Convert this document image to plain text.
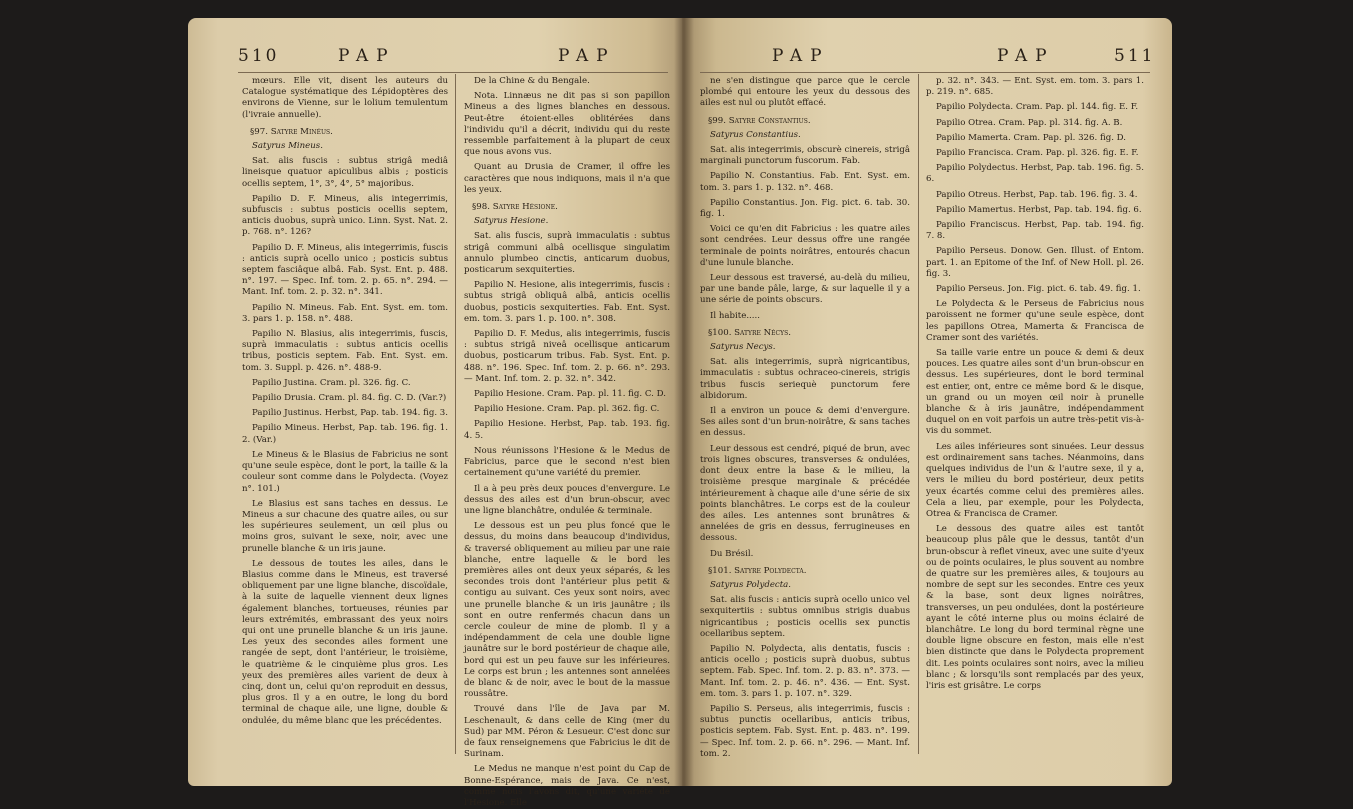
510	PAP	PAP

mœurs. Elle vit, disent les auteurs du Catalogue systématique des Lépidoptères des environs de Vienne, sur le lolium temulentum (l'ivraie annuelle).

§97. Satyre Minéus.

Satyrus Mineus.

Sat. alis fuscis : subtus strigâ mediâ lineisque quatuor apiculibus albis ; posticis ocellis septem, 1°, 3°, 4°, 5° majoribus.

Papilio D. F. Mineus, alis integerrimis, subfuscis : subtus posticis ocellis septem, anticis duobus, suprà unico. Linn. Syst. Nat. 2. p. 768. n°. 126?

Papilio D. F. Mineus, alis integerrimis, fuscis : anticis suprà ocello unico ; posticis subtus septem fasciâque albâ. Fab. Syst. Ent. p. 488. n°. 197. — Spec. Inf. tom. 2. p. 65. n°. 294. — Mant. Inf. tom. 2. p. 32. n°. 341.

Papilio N. Mineus. Fab. Ent. Syst. em. tom. 3. pars 1. p. 158. n°. 488.

Papilio N. Blasius, alis integerrimis, fuscis, suprà immaculatis : subtus anticis ocellis tribus, posticis septem. Fab. Ent. Syst. em. tom. 3. Suppl. p. 426. n°. 488-9.

Papilio Justina. Cram. pl. 326. fig. C.

Papilio Drusia. Cram. pl. 84. fig. C. D. (Var.?)

Papilio Justinus. Herbst, Pap. tab. 194. fig. 3.

Papilio Mineus. Herbst, Pap. tab. 196. fig. 1. 2. (Var.)

Le Mineus & le Blasius de Fabricius ne sont qu'une seule espèce, dont le port, la taille & la couleur sont comme dans le Polydecta. (Voyez n°. 101.)

Le Blasius est sans taches en dessus. Le Mineus a sur chacune des quatre ailes, ou sur les supérieures seulement, un œil plus ou moins gros, suivant le sexe, noir, avec une prunelle blanche & un iris jaune.

Le dessous de toutes les ailes, dans le Blasius comme dans le Mineus, est traversé obliquement par une ligne blanche, discoïdale, à la suite de laquelle viennent deux lignes également blanches, tortueuses, réunies par leurs extrémités, embrassant des yeux noirs qui ont une prunelle blanche & un iris jaune. Les yeux des secondes ailes forment une rangée de sept, dont l'antérieur, le troisième, le quatrième & le cinquième plus gros. Les yeux des premières ailes varient de deux à cinq, dont un, celui qu'on reproduit en dessus, plus gros. Il y a en outre, le long du bord terminal de chaque aile, une ligne, double & ondulée, du même blanc que les précédentes.

De la Chine & du Bengale.

Nota. Linnæus ne dit pas si son papillon Mineus a des lignes blanches en dessous. Peut-être étoient-elles oblitérées dans l'individu qu'il a décrit, individu qui du reste ressemble parfaitement à la plupart de ceux que nous avons vus.

Quant au Drusia de Cramer, il offre les caractères que nous indiquons, mais il n'a que les yeux.

§98. Satyre Hésione.

Satyrus Hesione.

Sat. alis fuscis, suprà immaculatis : subtus strigâ communi albâ ocellisque singulatim annulo plumbeo cinctis, anticarum duobus, posticarum sexquiterties.

Papilio N. Hesione, alis integerrimis, fuscis : subtus strigâ obliquâ albâ, anticis ocellis duobus, posticis sexquiterties. Fab. Ent. Syst. em. tom. 3. pars 1. p. 100. n°. 308.

Papilio D. F. Medus, alis integerrimis, fuscis : subtus strigâ niveâ ocellisque anticarum duobus, posticarum tribus. Fab. Syst. Ent. p. 488. n°. 196. Spec. Inf. tom. 2. p. 66. n°. 293. — Mant. Inf. tom. 2. p. 32. n°. 342.

Papilio Hesione. Cram. Pap. pl. 11. fig. C. D.

Papilio Hesione. Cram. Pap. pl. 362. fig. C.

Papilio Hesione. Herbst, Pap. tab. 193. fig. 4. 5.

Nous réunissons l'Hesione & le Medus de Fabricius, parce que le second n'est bien certainement qu'une variété du premier.

Il a à peu près deux pouces d'envergure. Le dessus des ailes est d'un brun-obscur, avec une ligne blanchâtre, ondulée & terminale.

Le dessous est un peu plus foncé que le dessus, du moins dans beaucoup d'individus, & traversé obliquement au milieu par une raie blanche, entre laquelle & le bord les premières ailes ont deux yeux séparés, & les secondes trois dont l'antérieur plus petit & contigu au suivant. Ces yeux sont noirs, avec une prunelle blanche & un iris jaunâtre ; ils sont en outre renfermés chacun dans un cercle couleur de mine de plomb. Il y a indépendamment de cela une double ligne jaunâtre sur le bord postérieur de chaque aile, bord qui est un peu fauve sur les inférieures. Le corps est brun ; les antennes sont annelées de blanc & de noir, avec le bout de la massue roussâtre.

Trouvé dans l'île de Java par M. Leschenault, & dans celle de King (mer du Sud) par MM. Péron & Lesueur. C'est donc sur de faux renseignemens que Fabricius le dit de Surinam.

Le Medus ne manque n'est point du Cap de Bonne-Espérance, mais de Java. Ce n'est, comme nous l'avons dit, qu'une variété de l'Hesione. Elle

PAP	PAP	511

ne s'en distingue que parce que le cercle plombé qui entoure les yeux du dessous des ailes est nul ou plutôt effacé.

§99. Satyre Constantius.

Satyrus Constantius.

Sat. alis integerrimis, obscurè cinereis, strigâ marginali punctorum fuscorum. Fab.

Papilio N. Constantius. Fab. Ent. Syst. em. tom. 3. pars 1. p. 132. n°. 468.

Papilio Constantius. Jon. Fig. pict. 6. tab. 30. fig. 1.

Voici ce qu'en dit Fabricius : les quatre ailes sont cendrées. Leur dessus offre une rangée terminale de points noirâtres, entourés chacun d'une lunule blanche.

Leur dessous est traversé, au-delà du milieu, par une bande pâle, large, & sur laquelle il y a une série de points obscurs.

Il habite.....

§100. Satyre Nécys.

Satyrus Necys.

Sat. alis integerrimis, suprà nigricantibus, immaculatis : subtus ochraceo-cinereis, strigis tribus fuscis seriequè punctorum fere albidorum.

Il a environ un pouce & demi d'envergure. Ses ailes sont d'un brun-noirâtre, & sans taches en dessus.

Leur dessous est cendré, piqué de brun, avec trois lignes obscures, transverses & ondulées, dont deux entre la base & le milieu, la troisième presque marginale & précédée intérieurement à chaque aile d'une série de six points blanchâtres. Le corps est de la couleur des ailes. Les antennes sont brunâtres & annelées de gris en dessus, ferrugineuses en dessous.

Du Brésil.

§101. Satyre Polydecta.

Satyrus Polydecta.

Sat. alis fuscis : anticis suprà ocello unico vel sexquitertiis : subtus omnibus strigis duabus nigricantibus ; posticis ocellis sex punctis ocellaribus septem.

Papilio N. Polydecta, alis dentatis, fuscis : anticis ocello ; posticis suprà duobus, subtus septem. Fab. Spec. Inf. tom. 2. p. 83. n°. 373. — Mant. Inf. tom. 2. p. 46. n°. 436. — Ent. Syst. em. tom. 3. pars 1. p. 107. n°. 329.

Papilio S. Perseus, alis integerrimis, fuscis : subtus punctis ocellaribus, anticis tribus, posticis septem. Fab. Syst. Ent. p. 483. n°. 199. — Spec. Inf. tom. 2. p. 66. n°. 296. — Mant. Inf. tom. 2.

p. 32. n°. 343. — Ent. Syst. em. tom. 3. pars 1. p. 219. n°. 685.

Papilio Polydecta. Cram. Pap. pl. 144. fig. E. F.

Papilio Otrea. Cram. Pap. pl. 314. fig. A. B.

Papilio Mamerta. Cram. Pap. pl. 326. fig. D.

Papilio Francisca. Cram. Pap. pl. 326. fig. E. F.

Papilio Polydectus. Herbst, Pap. tab. 196. fig. 5. 6.

Papilio Otreus. Herbst, Pap. tab. 196. fig. 3. 4.

Papilio Mamertus. Herbst, Pap. tab. 194. fig. 6.

Papilio Franciscus. Herbst, Pap. tab. 194. fig. 7. 8.

Papilio Perseus. Donow. Gen. Illust. of Entom. part. 1. an Epitome of the Inf. of New Holl. pl. 26. fig. 3.

Papilio Perseus. Jon. Fig. pict. 6. tab. 49. fig. 1.

Le Polydecta & le Perseus de Fabricius nous paroissent ne former qu'une seule espèce, dont les papillons Otrea, Mamerta & Francisca de Cramer sont des variétés.

Sa taille varie entre un pouce & demi & deux pouces. Les quatre ailes sont d'un brun-obscur en dessus. Les supérieures, dont le bord terminal est entier, ont, entre ce même bord & le disque, un grand ou un moyen œil noir à prunelle blanche & à iris jaunâtre, indépendamment duquel on en voit parfois un autre très-petit vis-à-vis du sommet.

Les ailes inférieures sont sinuées. Leur dessus est ordinairement sans taches. Néanmoins, dans quelques individus de l'un & l'autre sexe, il y a, vers le milieu du bord postérieur, deux petits yeux écartés comme celui des premières ailes. Cela a lieu, par exemple, pour les Polydecta, Otrea & Francisca de Cramer.

Le dessous des quatre ailes est tantôt beaucoup plus pâle que le dessus, tantôt d'un brun-obscur à reflet vineux, avec une suite d'yeux ou de points oculaires, le plus souvent au nombre de quatre sur les premières ailes, & toujours au nombre de sept sur les secondes. Entre ces yeux & la base, sont deux lignes noirâtres, transverses, un peu ondulées, dont la postérieure ayant le côté interne plus ou moins éclairé de blanchâtre. Le long du bord terminal règne une double ligne obscure en feston, mais elle n'est bien distincte que dans le Polydecta proprement dit. Les points oculaires sont noirs, avec la milieu blanc ; & lorsqu'ils sont remplacés par des yeux, l'iris est grisâtre. Le corps
